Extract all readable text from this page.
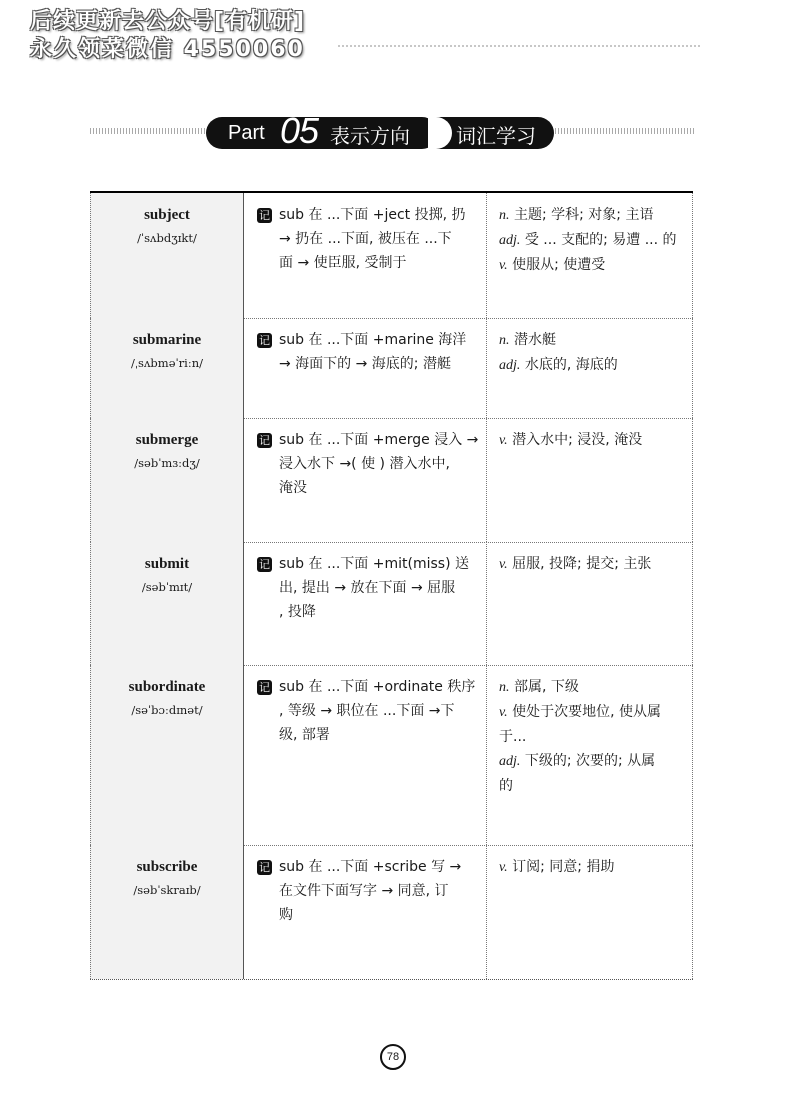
后续更新去公众号[有机研]
永久领菜微信 4550060
Part 05 表示方向 词汇学习
subject
/ˈsʌbdʒɪkt/
记 sub 在 ...下面 +ject 投掷, 扔
→ 扔在 ...下面, 被压在 ...下
面 → 使臣服, 受制于
n. 主题; 学科; 对象; 主语
adj. 受 ... 支配的; 易遭 ... 的
v. 使服从; 使遭受
submarine
/ˌsʌbməˈriːn/
记 sub 在 ...下面 +marine 海洋
→ 海面下的 → 海底的; 潜艇
n. 潜水艇
adj. 水底的, 海底的
submerge
/səbˈmɜːdʒ/
记 sub 在 ...下面 +merge 浸入 →
浸入水下 →( 使 ) 潜入水中,
淹没
v. 潜入水中; 浸没, 淹没
submit
/səbˈmɪt/
记 sub 在 ...下面 +mit(miss) 送
出, 提出 → 放在下面 → 屈服
, 投降
v. 屈服, 投降; 提交; 主张
subordinate
/səˈbɔːdɪnət/
记 sub 在 ...下面 +ordinate 秩序
, 等级 → 职位在 ...下面 →下
级, 部署
n. 部属, 下级
v. 使处于次要地位, 使从属
于...
adj. 下级的; 次要的; 从属
的
subscribe
/səbˈskraɪb/
记 sub 在 ...下面 +scribe 写 →
在文件下面写字 → 同意, 订
购
v. 订阅; 同意; 捐助
78
